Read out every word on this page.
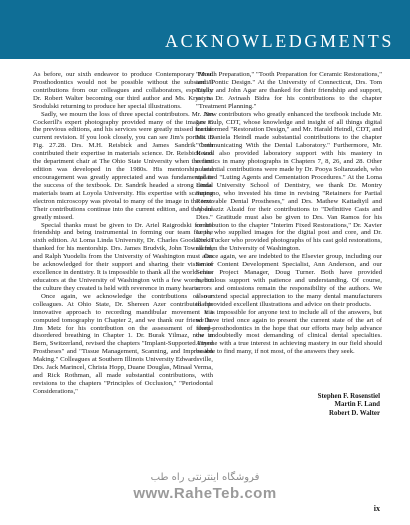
ACKNOWLEDGMENTS

As before, our sixth endeavor to produce Contemporary Fixed Prosthodontics would not be possible without the substantial contributions from our colleagues and collaborators, especially Dr. Robert Walter becoming our third author and Ms. Krystyna Srodulski returning to produce her special illustrations.

Sadly, we mourn the loss of three special contributors. Mr. Jim Cockerill's expert photography provided many of the images in the previous editions, and his services were greatly missed for the current revision. If you look closely, you can see Jim's portrait in Fig. 27.28. Drs. M.H. Reisbick and James Sandrik both contributed their expertise in materials science. Dr. Reisbick was the department chair at The Ohio State University when the first edition was developed in the 1980s. His mentorship and encouragement was greatly appreciated and was fundamental to the success of the textbook. Dr. Sandrik headed a strong dental materials team at Loyola University. His expertise with scanning electron microscopy was pivotal to many of the image in the text. Their contributions continue into the current edition, and they are greatly missed.

Special thanks must be given to Dr. Ariel Raigrodski for his friendship and being instrumental in forming our team for the sixth edition. At Loma Linda University, Dr. Charles Goodacre is thanked for his mentorship. Drs. James Brudvik, John Townsend, and Ralph Yuodelis from the University of Washington must also be acknowledged for their support and sharing their vision of excellence in dentistry. It is impossible to thank all the world-class educators at the University of Washington with a few words, but the culture they created is held with reverence in many hearts.

Once again, we acknowledge the contributions of our colleagues. At Ohio State, Dr. Shereen Azer contributed his innovative approach to recording mandibular movement via computed tomography in Chapter 2, and we thank our friend Dr. Jim Metz for his contribution on the assessment of sleep-disordered breathing in Chapter 1. Dr. Burak Yilmaz, now in Bern, Switzerland, revised the chapters "Implant-Supported Fixed Prostheses" and "Tissue Management, Scanning, and Impression Making." Colleagues at Southern Illinois University Edwardsville, Drs. Jack Marincel, Christa Hopp, Duane Douglas, Minaal Verma, and Rick Rothman, all made substantial contributions, with revisions to the chapters "Principles of Occlusion," "Periodontal Considerations,"

"Mouth Preparation," "Tooth Preparation for Ceramic Restorations," and "Pontic Design." At the University of Connecticut, Drs. Tom Taylor and John Agar are thanked for their friendship and support, as is Dr. Avinash Bidra for his contributions to the chapter "Treatment Planning."

New contributors who greatly enhanced the textbook include Mr. Lee Culp, CDT, whose knowledge and insight of all things digital transformed "Restoration Design," and Mr. Harald Heindl, CDT, and Ms. Daniela Heindl made substantial contributions to the chapter "Communicating With the Dental Laboratory." Furthermore, Mr. Heindl also provided laboratory support with his mastery in ceramics in many photographs in Chapters 7, 8, 26, and 28. Other substantial contributions were made by Dr. Pooya Soltanzadeh, who updated "Luting Agents and Cementation Procedures." At the Loma Linda University School of Dentistry, we thank Dr. Montry Suprono, who invested his time in revising "Retainers for Partial Removable Dental Prostheses," and Drs. Mathew Kattadiyil and Abdulaziz Alzaid for their contributions to "Definitive Casts and Dies." Gratitude must also be given to Drs. Van Ramos for his contribution to the chapter "Interim Fixed Restorations," Dr. Xavier Lepe, who supplied images for the digital post and core, and Dr. Dick Tucker who provided photographs of his cast gold restorations, all from the University of Washington.

Once again, we are indebted to the Elsevier group, including our Senior Content Development Specialist, Ann Anderson, and our Senior Project Manager, Doug Turner. Both have provided meticulous support with patience and understanding. Of course, errors and omissions remain the responsibility of the authors. We also extend special appreciation to the many dental manufacturers that provided excellent illustrations and advice on their products.

It is impossible for anyone text to include all of the answers, but we have tried once again to present the current state of the art of fixed prosthodontics in the hope that our efforts may help advance the undoubtedly most demanding of clinical dental specialties. Anyone with a true interest in achieving mastery in our field should be able to find many, if not most, of the answers they seek.

Stephen F. Rosenstiel
Martin F. Land
Robert D. Walter
فروشگاه اینترنتی راه طب
www.RaheTeb.com
ix
